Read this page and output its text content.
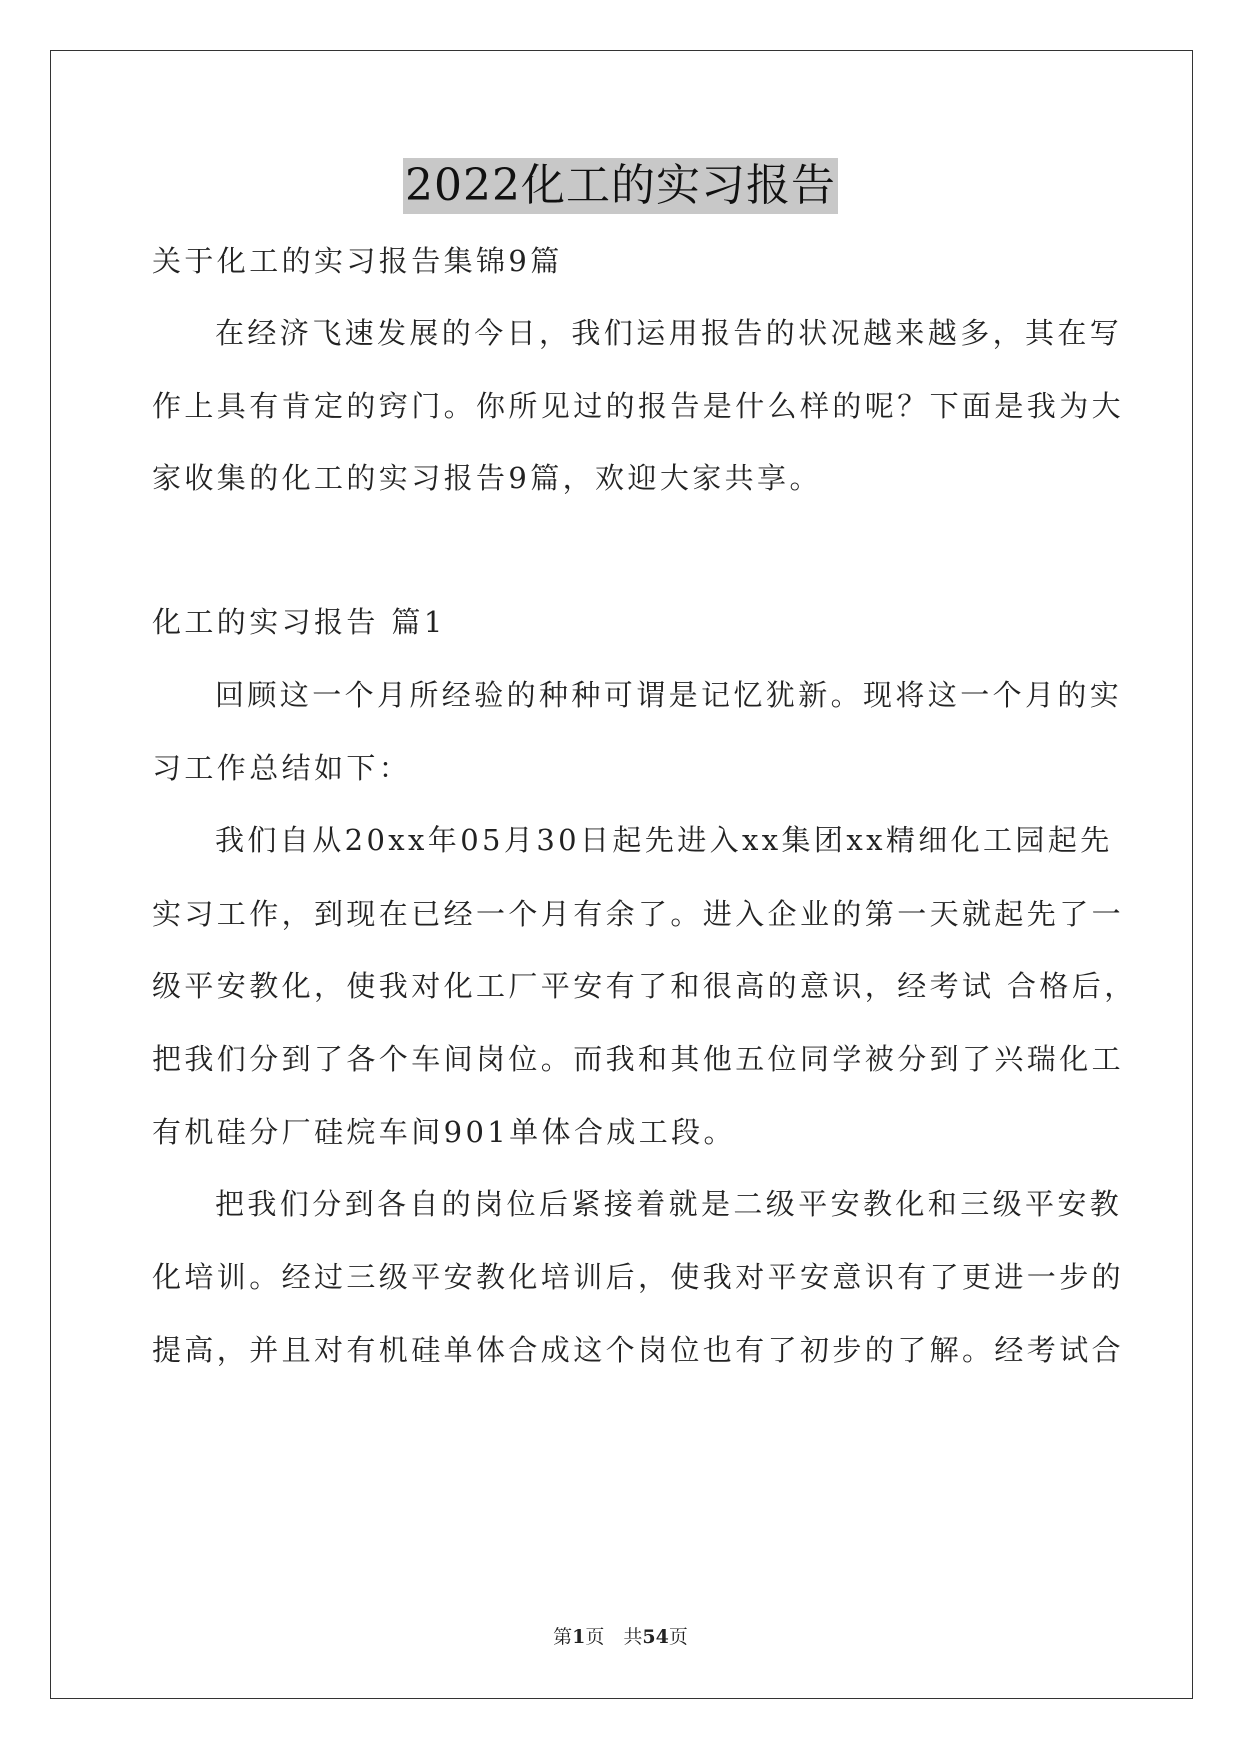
2022化工的实习报告
关于化工的实习报告集锦9篇
在经济飞速发展的今日，我们运用报告的状况越来越多，其在写
作上具有肯定的窍门。你所见过的报告是什么样的呢？下面是我为大
家收集的化工的实习报告9篇，欢迎大家共享。
化工的实习报告 篇1
回顾这一个月所经验的种种可谓是记忆犹新。现将这一个月的实
习工作总结如下：
我们自从20xx年05月30日起先进入xx集团xx精细化工园起先
实习工作，到现在已经一个月有余了。进入企业的第一天就起先了一
级平安教化，使我对化工厂平安有了和很高的意识，经考试 合格后，
把我们分到了各个车间岗位。而我和其他五位同学被分到了兴瑞化工
有机硅分厂硅烷车间901单体合成工段。
把我们分到各自的岗位后紧接着就是二级平安教化和三级平安教
化培训。经过三级平安教化培训后，使我对平安意识有了更进一步的
提高，并且对有机硅单体合成这个岗位也有了初步的了解。经考试合
第1页　共54页
